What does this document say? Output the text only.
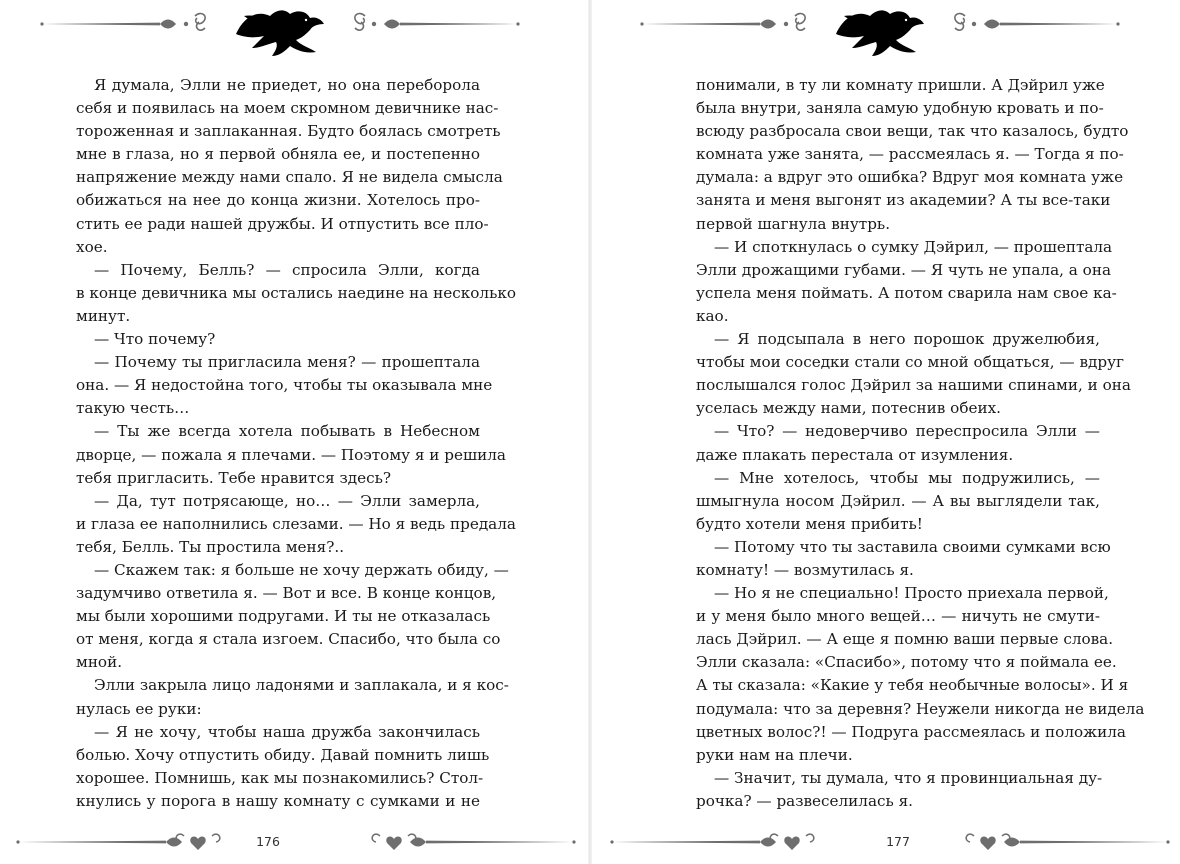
Я думала, Элли не приедет, но она переборола
себя и появилась на моем скромном девичнике нас-
тороженная и заплаканная. Будто боялась смотреть
мне в глаза, но я первой обняла ее, и постепенно
напряжение между нами спало. Я не видела смысла
обижаться на нее до конца жизни. Хотелось про-
стить ее ради нашей дружбы. И отпустить все пло-
хое.
— Почему, Белль? — спросила Элли, когда
в конце девичника мы остались наедине на несколько
минут.
— Что почему?
— Почему ты пригласила меня? — прошептала
она. — Я недостойна того, чтобы ты оказывала мне
такую честь…
— Ты же всегда хотела побывать в Небесном
дворце, — пожала я плечами. — Поэтому я и решила
тебя пригласить. Тебе нравится здесь?
— Да, тут потрясающе, но… — Элли замерла,
и глаза ее наполнились слезами. — Но я ведь предала
тебя, Белль. Ты простила меня?..
— Скажем так: я больше не хочу держать обиду, —
задумчиво ответила я. — Вот и все. В конце концов,
мы были хорошими подругами. И ты не отказалась
от меня, когда я стала изгоем. Спасибо, что была со
мной.
Элли закрыла лицо ладонями и заплакала, и я кос-
нулась ее руки:
— Я не хочу, чтобы наша дружба закончилась
болью. Хочу отпустить обиду. Давай помнить лишь
хорошее. Помнишь, как мы познакомились? Стол-
кнулись у порога в нашу комнату с сумками и не
176
понимали, в ту ли комнату пришли. А Дэйрил уже
была внутри, заняла самую удобную кровать и по-
всюду разбросала свои вещи, так что казалось, будто
комната уже занята, — рассмеялась я. — Тогда я по-
думала: а вдруг это ошибка? Вдруг моя комната уже
занята и меня выгонят из академии? А ты все-таки
первой шагнула внутрь.
— И споткнулась о сумку Дэйрил, — прошептала
Элли дрожащими губами. — Я чуть не упала, а она
успела меня поймать. А потом сварила нам свое ка-
као.
— Я подсыпала в него порошок дружелюбия,
чтобы мои соседки стали со мной общаться, — вдруг
послышался голос Дэйрил за нашими спинами, и она
уселась между нами, потеснив обеих.
— Что? — недоверчиво переспросила Элли —
даже плакать перестала от изумления.
— Мне хотелось, чтобы мы подружились, —
шмыгнула носом Дэйрил. — А вы выглядели так,
будто хотели меня прибить!
— Потому что ты заставила своими сумками всю
комнату! — возмутилась я.
— Но я не специально! Просто приехала первой,
и у меня было много вещей… — ничуть не смути-
лась Дэйрил. — А еще я помню ваши первые слова.
Элли сказала: «Спасибо», потому что я поймала ее.
А ты сказала: «Какие у тебя необычные волосы». И я
подумала: что за деревня? Неужели никогда не видела
цветных волос?! — Подруга рассмеялась и положила
руки нам на плечи.
— Значит, ты думала, что я провинциальная ду-
рочка? — развеселилась я.
177
